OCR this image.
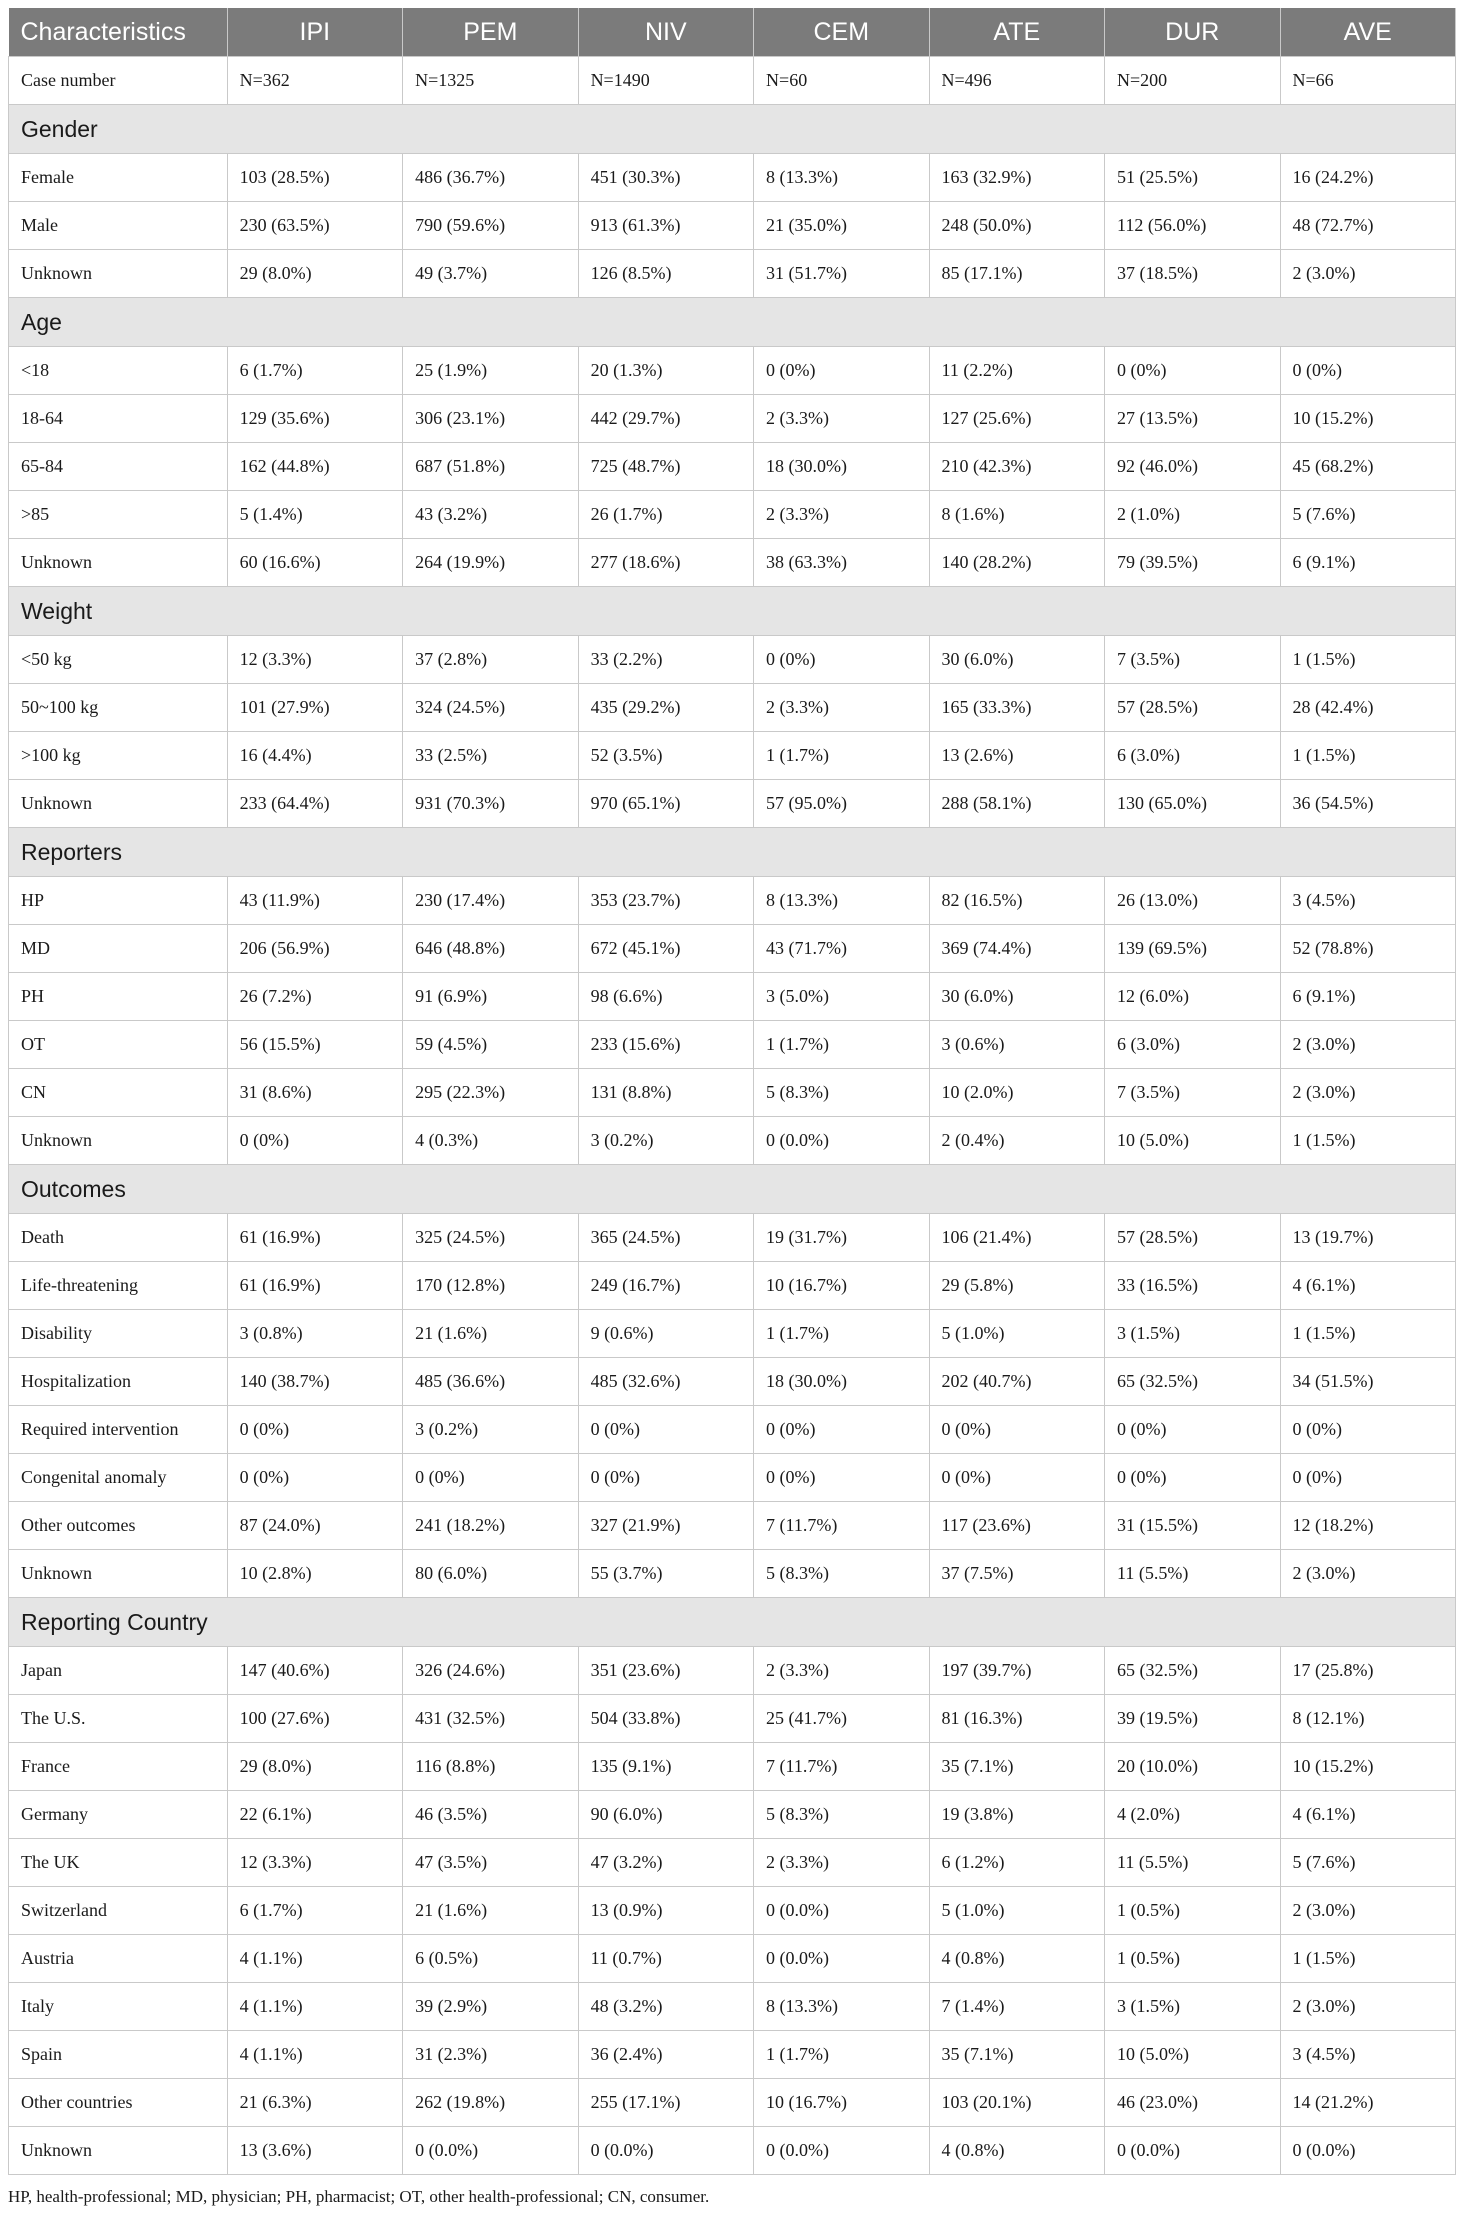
Characteristics	IPI	PEM	NIV	CEM	ATE	DUR	AVE
Case number	N=362	N=1325	N=1490	N=60	N=496	N=200	N=66
Gender							
Female	103 (28.5%)	486 (36.7%)	451 (30.3%)	8 (13.3%)	163 (32.9%)	51 (25.5%)	16 (24.2%)
Male	230 (63.5%)	790 (59.6%)	913 (61.3%)	21 (35.0%)	248 (50.0%)	112 (56.0%)	48 (72.7%)
Unknown	29 (8.0%)	49 (3.7%)	126 (8.5%)	31 (51.7%)	85 (17.1%)	37 (18.5%)	2 (3.0%)
Age							
<18	6 (1.7%)	25 (1.9%)	20 (1.3%)	0 (0%)	11 (2.2%)	0 (0%)	0 (0%)
18-64	129 (35.6%)	306 (23.1%)	442 (29.7%)	2 (3.3%)	127 (25.6%)	27 (13.5%)	10 (15.2%)
65-84	162 (44.8%)	687 (51.8%)	725 (48.7%)	18 (30.0%)	210 (42.3%)	92 (46.0%)	45 (68.2%)
>85	5 (1.4%)	43 (3.2%)	26 (1.7%)	2 (3.3%)	8 (1.6%)	2 (1.0%)	5 (7.6%)
Unknown	60 (16.6%)	264 (19.9%)	277 (18.6%)	38 (63.3%)	140 (28.2%)	79 (39.5%)	6 (9.1%)
Weight							
<50 kg	12 (3.3%)	37 (2.8%)	33 (2.2%)	0 (0%)	30 (6.0%)	7 (3.5%)	1 (1.5%)
50~100 kg	101 (27.9%)	324 (24.5%)	435 (29.2%)	2 (3.3%)	165 (33.3%)	57 (28.5%)	28 (42.4%)
>100 kg	16 (4.4%)	33 (2.5%)	52 (3.5%)	1 (1.7%)	13 (2.6%)	6 (3.0%)	1 (1.5%)
Unknown	233 (64.4%)	931 (70.3%)	970 (65.1%)	57 (95.0%)	288 (58.1%)	130 (65.0%)	36 (54.5%)
Reporters							
HP	43 (11.9%)	230 (17.4%)	353 (23.7%)	8 (13.3%)	82 (16.5%)	26 (13.0%)	3 (4.5%)
MD	206 (56.9%)	646 (48.8%)	672 (45.1%)	43 (71.7%)	369 (74.4%)	139 (69.5%)	52 (78.8%)
PH	26 (7.2%)	91 (6.9%)	98 (6.6%)	3 (5.0%)	30 (6.0%)	12 (6.0%)	6 (9.1%)
OT	56 (15.5%)	59 (4.5%)	233 (15.6%)	1 (1.7%)	3 (0.6%)	6 (3.0%)	2 (3.0%)
CN	31 (8.6%)	295 (22.3%)	131 (8.8%)	5 (8.3%)	10 (2.0%)	7 (3.5%)	2 (3.0%)
Unknown	0 (0%)	4 (0.3%)	3 (0.2%)	0 (0.0%)	2 (0.4%)	10 (5.0%)	1 (1.5%)
Outcomes							
Death	61 (16.9%)	325 (24.5%)	365 (24.5%)	19 (31.7%)	106 (21.4%)	57 (28.5%)	13 (19.7%)
Life-threatening	61 (16.9%)	170 (12.8%)	249 (16.7%)	10 (16.7%)	29 (5.8%)	33 (16.5%)	4 (6.1%)
Disability	3 (0.8%)	21 (1.6%)	9 (0.6%)	1 (1.7%)	5 (1.0%)	3 (1.5%)	1 (1.5%)
Hospitalization	140 (38.7%)	485 (36.6%)	485 (32.6%)	18 (30.0%)	202 (40.7%)	65 (32.5%)	34 (51.5%)
Required intervention	0 (0%)	3 (0.2%)	0 (0%)	0 (0%)	0 (0%)	0 (0%)	0 (0%)
Congenital anomaly	0 (0%)	0 (0%)	0 (0%)	0 (0%)	0 (0%)	0 (0%)	0 (0%)
Other outcomes	87 (24.0%)	241 (18.2%)	327 (21.9%)	7 (11.7%)	117 (23.6%)	31 (15.5%)	12 (18.2%)
Unknown	10 (2.8%)	80 (6.0%)	55 (3.7%)	5 (8.3%)	37 (7.5%)	11 (5.5%)	2 (3.0%)
Reporting Country							
Japan	147 (40.6%)	326 (24.6%)	351 (23.6%)	2 (3.3%)	197 (39.7%)	65 (32.5%)	17 (25.8%)
The U.S.	100 (27.6%)	431 (32.5%)	504 (33.8%)	25 (41.7%)	81 (16.3%)	39 (19.5%)	8 (12.1%)
France	29 (8.0%)	116 (8.8%)	135 (9.1%)	7 (11.7%)	35 (7.1%)	20 (10.0%)	10 (15.2%)
Germany	22 (6.1%)	46 (3.5%)	90 (6.0%)	5 (8.3%)	19 (3.8%)	4 (2.0%)	4 (6.1%)
The UK	12 (3.3%)	47 (3.5%)	47 (3.2%)	2 (3.3%)	6 (1.2%)	11 (5.5%)	5 (7.6%)
Switzerland	6 (1.7%)	21 (1.6%)	13 (0.9%)	0 (0.0%)	5 (1.0%)	1 (0.5%)	2 (3.0%)
Austria	4 (1.1%)	6 (0.5%)	11 (0.7%)	0 (0.0%)	4 (0.8%)	1 (0.5%)	1 (1.5%)
Italy	4 (1.1%)	39 (2.9%)	48 (3.2%)	8 (13.3%)	7 (1.4%)	3 (1.5%)	2 (3.0%)
Spain	4 (1.1%)	31 (2.3%)	36 (2.4%)	1 (1.7%)	35 (7.1%)	10 (5.0%)	3 (4.5%)
Other countries	21 (6.3%)	262 (19.8%)	255 (17.1%)	10 (16.7%)	103 (20.1%)	46 (23.0%)	14 (21.2%)
Unknown	13 (3.6%)	0 (0.0%)	0 (0.0%)	0 (0.0%)	4 (0.8%)	0 (0.0%)	0 (0.0%)
HP, health-professional; MD, physician; PH, pharmacist; OT, other health-professional; CN, consumer.
